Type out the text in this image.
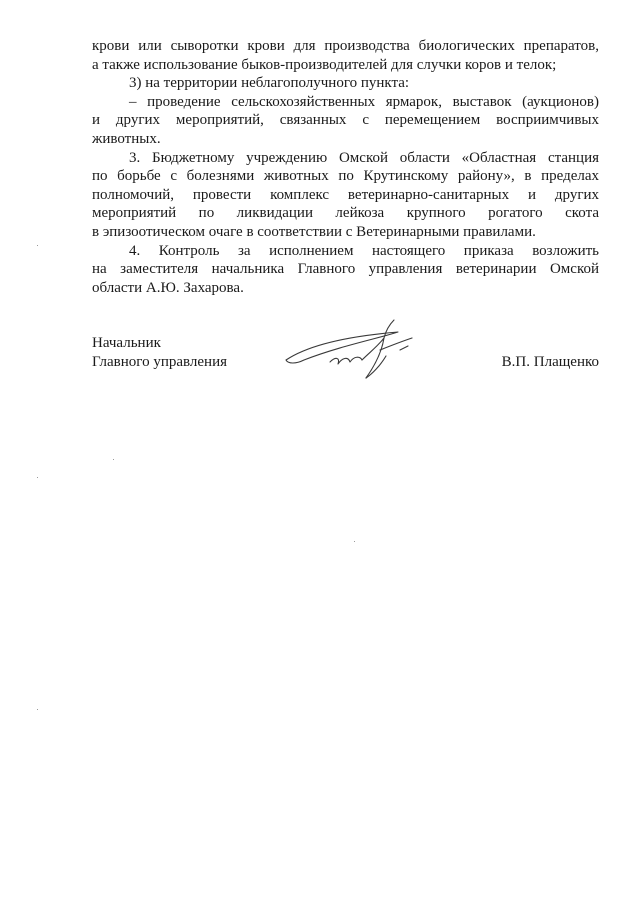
крови или сыворотки крови для производства биологических препаратов,
а также использование быков-производителей для случки коров и телок;
3) на территории неблагополучного пункта:
– проведение сельскохозяйственных ярмарок, выставок (аукционов)
и других мероприятий, связанных с перемещением восприимчивых
животных.
3. Бюджетному учреждению Омской области «Областная станция
по борьбе с болезнями животных по Крутинскому району», в пределах
полномочий, провести комплекс ветеринарно-санитарных и других
мероприятий по ликвидации лейкоза крупного рогатого скота
в эпизоотическом очаге в соответствии с Ветеринарными правилами.
4. Контроль за исполнением настоящего приказа возложить
на заместителя начальника Главного управления ветеринарии Омской
области А.Ю. Захарова.
Начальник
Главного управления	В.П. Плащенко
